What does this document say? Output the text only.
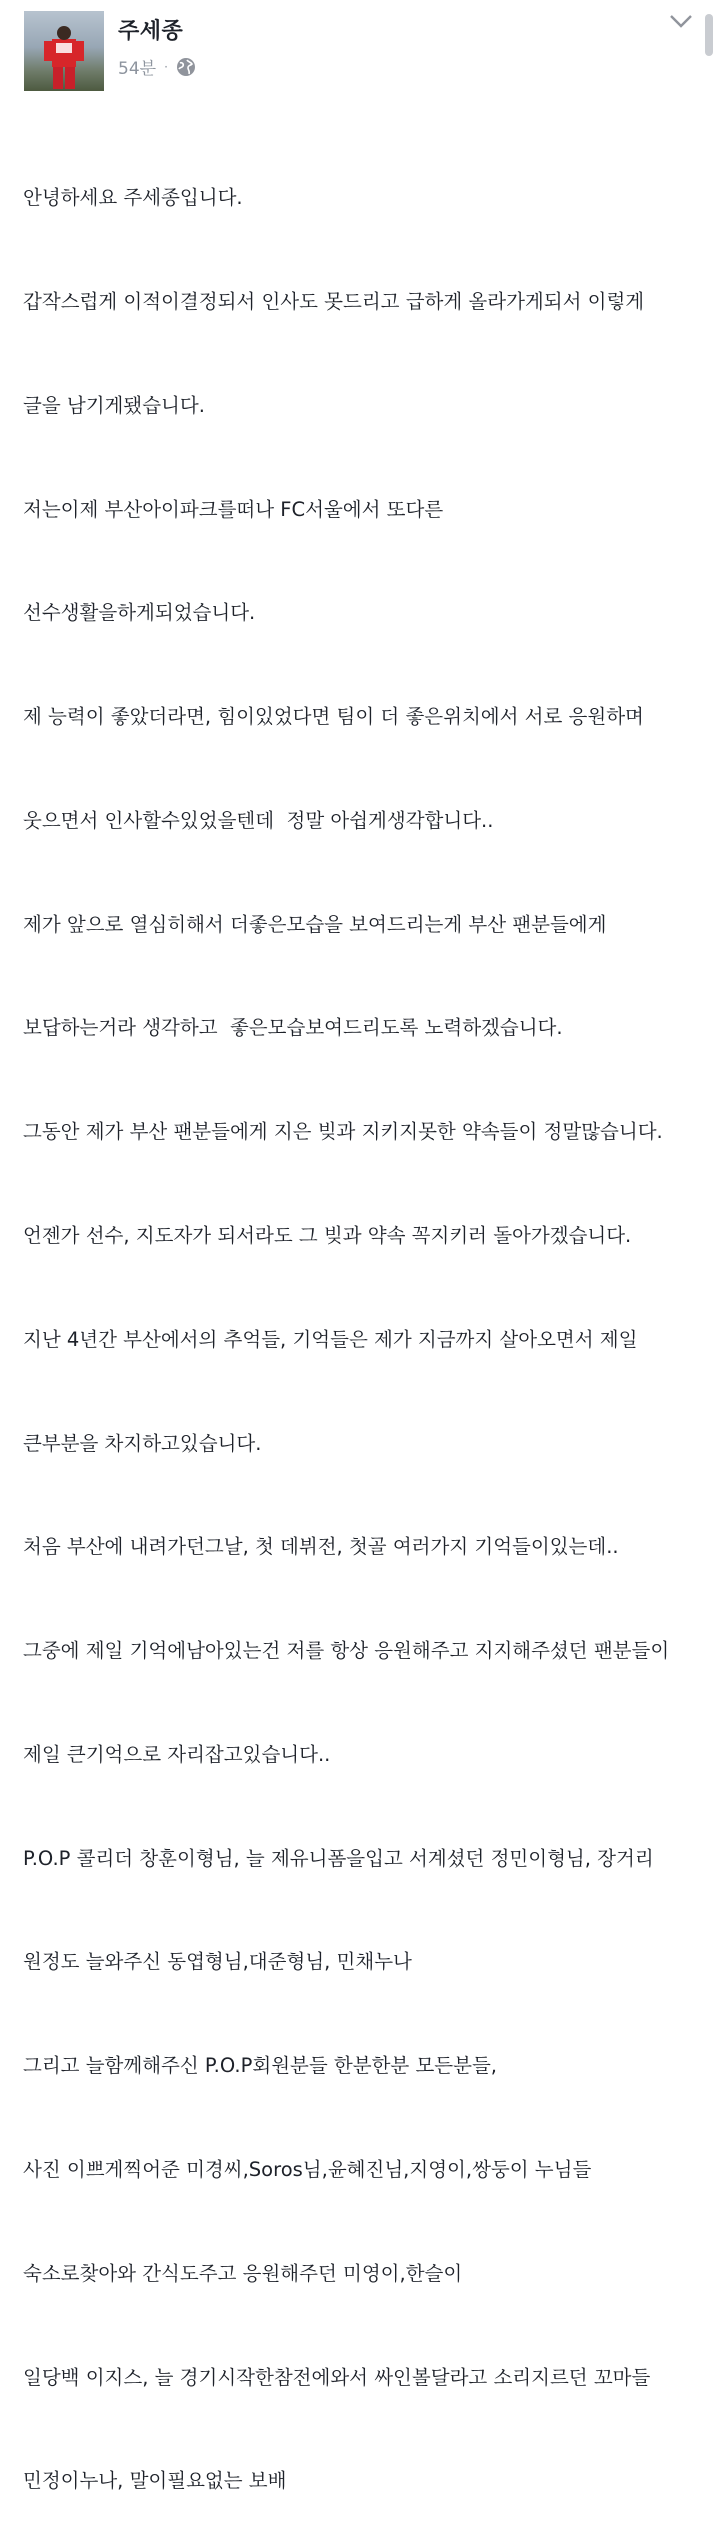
주세종
54분 ·

안녕하세요 주세종입니다.

갑작스럽게 이적이결정되서 인사도 못드리고 급하게 올라가게되서 이렇게

글을 남기게됐습니다.

저는이제 부산아이파크를떠나 FC서울에서 또다른

선수생활을하게되었습니다.

제 능력이 좋았더라면, 힘이있었다면 팀이 더 좋은위치에서 서로 응원하며

웃으면서 인사할수있었을텐데  정말 아쉽게생각합니다..

제가 앞으로 열심히해서 더좋은모습을 보여드리는게 부산 팬분들에게

보답하는거라 생각하고  좋은모습보여드리도록 노력하겠습니다.

그동안 제가 부산 팬분들에게 지은 빚과 지키지못한 약속들이 정말많습니다.

언젠가 선수, 지도자가 되서라도 그 빚과 약속 꼭지키러 돌아가겠습니다.

지난 4년간 부산에서의 추억들, 기억들은 제가 지금까지 살아오면서 제일

큰부분을 차지하고있습니다.

처음 부산에 내려가던그날, 첫 데뷔전, 첫골 여러가지 기억들이있는데..

그중에 제일 기억에남아있는건 저를 항상 응원해주고 지지해주셨던 팬분들이

제일 큰기억으로 자리잡고있습니다..

P.O.P 콜리더 창훈이형님, 늘 제유니폼을입고 서계셨던 정민이형님, 장거리

원정도 늘와주신 동엽형님,대준형님, 민채누나

그리고 늘함께해주신 P.O.P회원분들 한분한분 모든분들,

사진 이쁘게찍어준 미경씨,Soros님,윤혜진님,지영이,쌍둥이 누님들

숙소로찾아와 간식도주고 응원해주던 미영이,한슬이

일당백 이지스, 늘 경기시작한참전에와서 싸인볼달라고 소리지르던 꼬마들

민정이누나, 말이필요없는 보배
